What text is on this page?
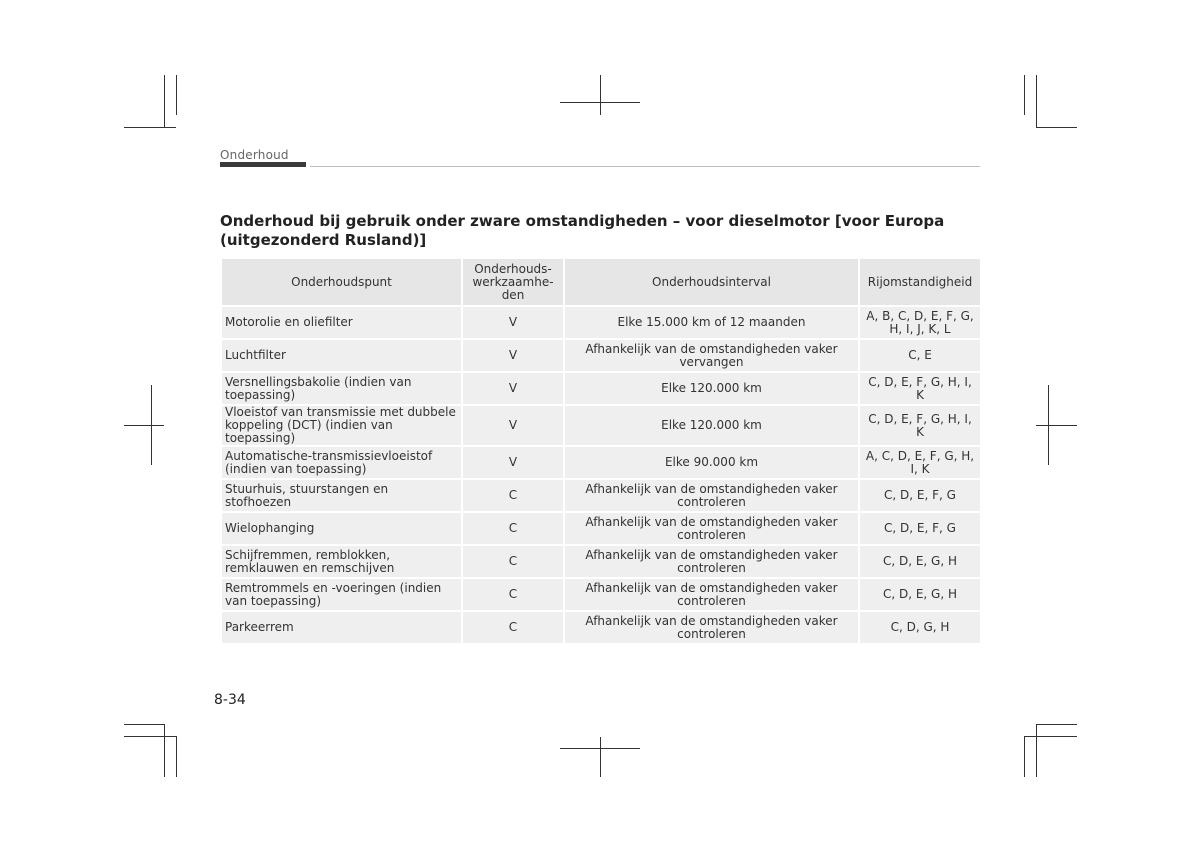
Onderhoud
Onderhoud bij gebruik onder zware omstandigheden – voor dieselmotor [voor Europa (uitgezonderd Rusland)]
Onderhoudspunt	Onderhouds-werkzaamhe-den	Onderhoudsinterval	Rijomstandigheid
Motorolie en oliefilter	V	Elke 15.000 km of 12 maanden	A, B, C, D, E, F, G, H, I, J, K, L
Luchtfilter	V	Afhankelijk van de omstandigheden vaker vervangen	C, E
Versnellingsbakolie (indien van toepassing)	V	Elke 120.000 km	C, D, E, F, G, H, I, K
Vloeistof van transmissie met dubbele koppeling (DCT) (indien van toepassing)	V	Elke 120.000 km	C, D, E, F, G, H, I, K
Automatische-transmissievloeistof (indien van toepassing)	V	Elke 90.000 km	A, C, D, E, F, G, H, I, K
Stuurhuis, stuurstangen en stofhoezen	C	Afhankelijk van de omstandigheden vaker controleren	C, D, E, F, G
Wielophanging	C	Afhankelijk van de omstandigheden vaker controleren	C, D, E, F, G
Schijfremmen, remblokken, remklauwen en remschijven	C	Afhankelijk van de omstandigheden vaker controleren	C, D, E, G, H
Remtrommels en -voeringen (indien van toepassing)	C	Afhankelijk van de omstandigheden vaker controleren	C, D, E, G, H
Parkeerrem	C	Afhankelijk van de omstandigheden vaker controleren	C, D, G, H
8-34
